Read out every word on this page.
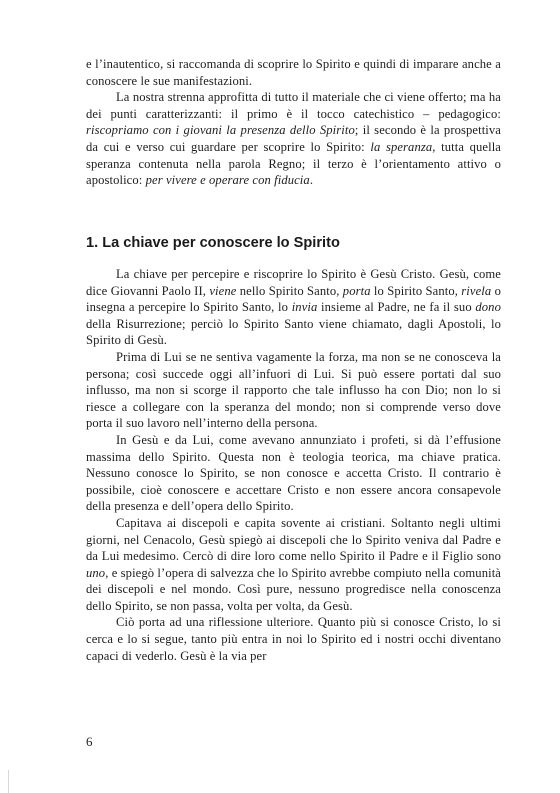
e l’inautentico, si raccomanda di scoprire lo Spirito e quindi di imparare anche a conoscere le sue manifestazioni.

La nostra strenna approfitta di tutto il materiale che ci viene offerto; ma ha dei punti caratterizzanti: il primo è il tocco catechistico – pedagogico: riscopriamo con i giovani la presenza dello Spirito; il secondo è la prospettiva da cui e verso cui guardare per scoprire lo Spirito: la speranza, tutta quella speranza contenuta nella parola Regno; il terzo è l’orientamento attivo o apostolico: per vivere e operare con fiducia.

1. La chiave per conoscere lo Spirito

La chiave per percepire e riscoprire lo Spirito è Gesù Cristo. Gesù, come dice Giovanni Paolo II, viene nello Spirito Santo, porta lo Spirito Santo, rivela o insegna a percepire lo Spirito Santo, lo invia insieme al Padre, ne fa il suo dono della Risurrezione; perciò lo Spirito Santo viene chiamato, dagli Apostoli, lo Spirito di Gesù.

Prima di Lui se ne sentiva vagamente la forza, ma non se ne conosceva la persona; così succede oggi all’infuori di Lui. Si può essere portati dal suo influsso, ma non si scorge il rapporto che tale influsso ha con Dio; non lo si riesce a collegare con la speranza del mondo; non si comprende verso dove porta il suo lavoro nell’interno della persona.

In Gesù e da Lui, come avevano annunziato i profeti, si dà l’effusione massima dello Spirito. Questa non è teologia teorica, ma chiave pratica. Nessuno conosce lo Spirito, se non conosce e accetta Cristo. Il contrario è possibile, cioè conoscere e accettare Cristo e non essere ancora consapevole della presenza e dell’opera dello Spirito.

Capitava ai discepoli e capita sovente ai cristiani. Soltanto negli ultimi giorni, nel Cenacolo, Gesù spiegò ai discepoli che lo Spirito veniva dal Padre e da Lui medesimo. Cercò di dire loro come nello Spirito il Padre e il Figlio sono uno, e spiegò l’opera di salvezza che lo Spirito avrebbe compiuto nella comunità dei discepoli e nel mondo. Così pure, nessuno progredisce nella conoscenza dello Spirito, se non passa, volta per volta, da Gesù.

Ciò porta ad una riflessione ulteriore. Quanto più si conosce Cristo, lo si cerca e lo si segue, tanto più entra in noi lo Spirito ed i nostri occhi diventano capaci di vederlo. Gesù è la via per

6
